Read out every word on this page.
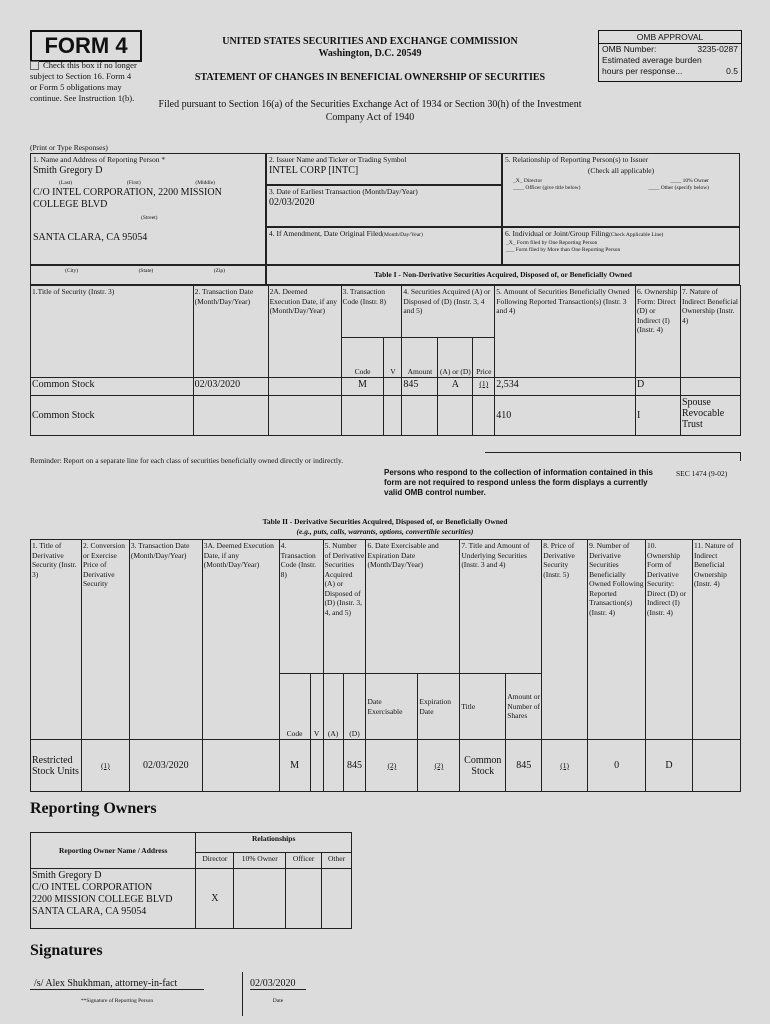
FORM 4
Check this box if no longer subject to Section 16. Form 4 or Form 5 obligations may continue. See Instruction 1(b).
UNITED STATES SECURITIES AND EXCHANGE COMMISSION
Washington, D.C. 20549
STATEMENT OF CHANGES IN BENEFICIAL OWNERSHIP OF SECURITIES
Filed pursuant to Section 16(a) of the Securities Exchange Act of 1934 or Section 30(h) of the Investment Company Act of 1940
OMB APPROVAL
OMB Number:	3235-0287
Estimated average burden
hours per response...	0.5
(Print or Type Responses)
1. Name and Address of Reporting Person *
Smith Gregory D
(Last)	(First)	(Middle)
C/O INTEL CORPORATION, 2200 MISSION COLLEGE BLVD
(Street)
SANTA CLARA, CA 95054
(City)	(State)	(Zip)
2. Issuer Name and Ticker or Trading Symbol
INTEL CORP [INTC]
3. Date of Earliest Transaction (Month/Day/Year)
02/03/2020
4. If Amendment, Date Original Filed(Month/Day/Year)
5. Relationship of Reporting Person(s) to Issuer
(Check all applicable)
_X_ Director	____ 10% Owner
____ Officer (give title below)	____ Other (specify below)
6. Individual or Joint/Group Filing(Check Applicable Line)
_X_ Form filed by One Reporting Person
___ Form filed by More than One Reporting Person
Table I - Non-Derivative Securities Acquired, Disposed of, or Beneficially Owned
1.Title of Security (Instr. 3)	2. Transaction Date (Month/Day/Year)	2A. Deemed Execution Date, if any (Month/Day/Year)	3. Transaction Code (Instr. 8)		4. Securities Acquired (A) or Disposed of (D) (Instr. 3, 4 and 5)			5. Amount of Securities Beneficially Owned Following Reported Transaction(s) (Instr. 3 and 4)	6. Ownership Form: Direct (D) or Indirect (I) (Instr. 4)	7. Nature of Indirect Beneficial Ownership (Instr. 4)
			Code	V	Amount	(A) or (D)	Price			
Common Stock	02/03/2020		M		845	A	(1)	2,534	D	
Common Stock								410	I	Spouse Revocable Trust
Reminder: Report on a separate line for each class of securities beneficially owned directly or indirectly.
Persons who respond to the collection of information contained in this form are not required to respond unless the form displays a currently valid OMB control number.
SEC 1474 (9-02)
Table II - Derivative Securities Acquired, Disposed of, or Beneficially Owned
(e.g., puts, calls, warrants, options, convertible securities)
1. Title of Derivative Security (Instr. 3)	2. Conversion or Exercise Price of Derivative Security	3. Transaction Date (Month/Day/Year)	3A. Deemed Execution Date, if any (Month/Day/Year)	4. Transaction Code (Instr. 8)		5. Number of Derivative Securities Acquired (A) or Disposed of (D) (Instr. 3, 4, and 5)		6. Date Exercisable and Expiration Date (Month/Day/Year)		7. Title and Amount of Underlying Securities (Instr. 3 and 4)		8. Price of Derivative Security (Instr. 5)	9. Number of Derivative Securities Beneficially Owned Following Reported Transaction(s) (Instr. 4)	10. Ownership Form of Derivative Security: Direct (D) or Indirect (I) (Instr. 4)	11. Nature of Indirect Beneficial Ownership (Instr. 4)
				Code	V	(A)	(D)	Date Exercisable	Expiration Date	Title	Amount or Number of Shares				
Restricted Stock Units	(1)	02/03/2020		M			845	(2)	(2)	Common Stock	845	(1)	0	D	
Reporting Owners
Reporting Owner Name / Address	Relationships			
	Director	10% Owner	Officer	Other

Smith Gregory D
C/O INTEL CORPORATION
2200 MISSION COLLEGE BLVD
SANTA CLARA, CA 95054	X			
Signatures
/s/ Alex Shukhman, attorney-in-fact
**Signature of Reporting Person
02/03/2020
Date
